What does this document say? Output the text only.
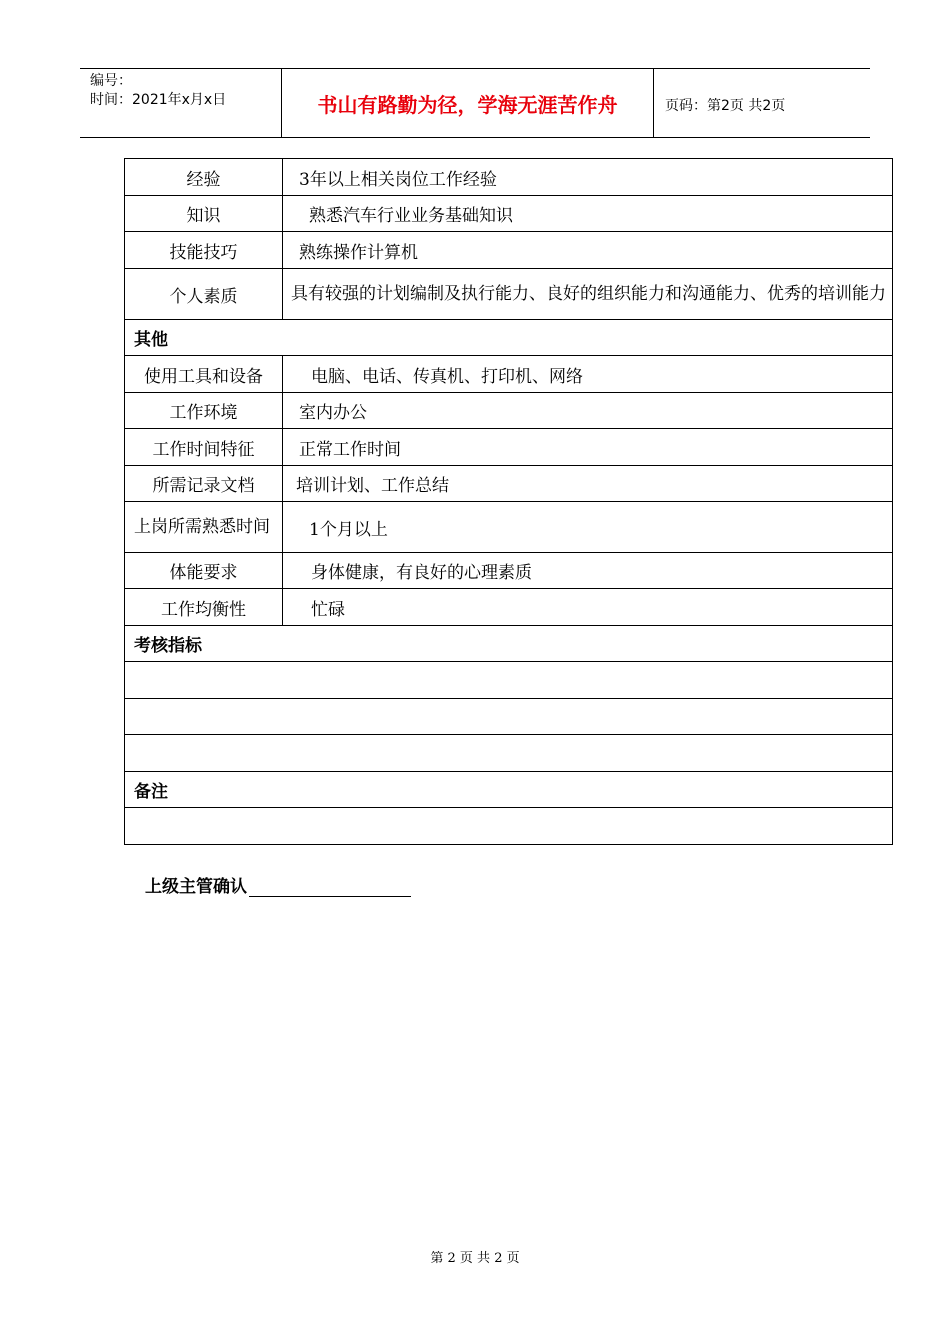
编号：
时间：2021年x月x日	书山有路勤为径，学海无涯苦作舟	页码：第2页 共2页
经验	3年以上相关岗位工作经验
知识	熟悉汽车行业业务基础知识
技能技巧	熟练操作计算机
个人素质	具有较强的计划编制及执行能力、良好的组织能力和沟通能力、优秀的培训能力
其他	
使用工具和设备	电脑、电话、传真机、打印机、网络
工作环境	室内办公
工作时间特征	正常工作时间
所需记录文档	培训计划、工作总结
上岗所需熟悉时间	1个月以上
体能要求	身体健康，有良好的心理素质
工作均衡性	忙碌
考核指标	

备注	

上级主管确认
第 2 页 共 2 页
